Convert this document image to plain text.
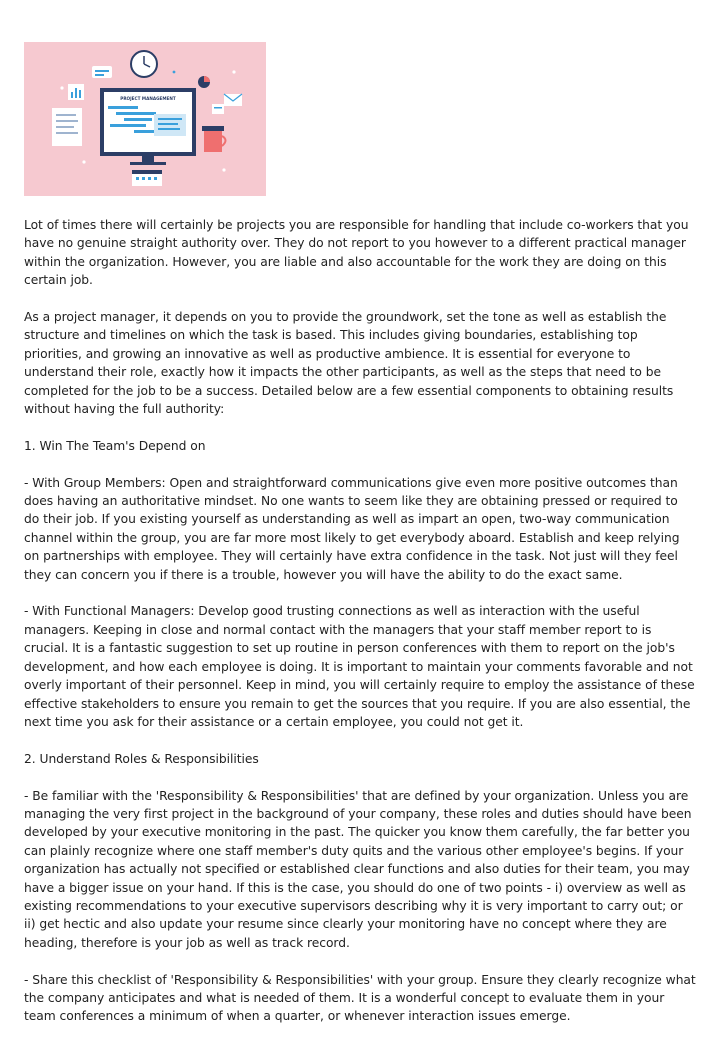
PROJECT MANAGEMENT

Lot of times there will certainly be projects you are responsible for handling that include co-workers that you have no genuine straight authority over. They do not report to you however to a different practical manager within the organization. However, you are liable and also accountable for the work they are doing on this certain job.

As a project manager, it depends on you to provide the groundwork, set the tone as well as establish the structure and timelines on which the task is based. This includes giving boundaries, establishing top priorities, and growing an innovative as well as productive ambience. It is essential for everyone to understand their role, exactly how it impacts the other participants, as well as the steps that need to be completed for the job to be a success. Detailed below are a few essential components to obtaining results without having the full authority:

1. Win The Team's Depend on

- With Group Members: Open and straightforward communications give even more positive outcomes than does having an authoritative mindset. No one wants to seem like they are obtaining pressed or required to do their job. If you existing yourself as understanding as well as impart an open, two-way communication channel within the group, you are far more most likely to get everybody aboard. Establish and keep relying on partnerships with employee. They will certainly have extra confidence in the task. Not just will they feel they can concern you if there is a trouble, however you will have the ability to do the exact same.

- With Functional Managers: Develop good trusting connections as well as interaction with the useful managers. Keeping in close and normal contact with the managers that your staff member report to is crucial. It is a fantastic suggestion to set up routine in person conferences with them to report on the job's development, and how each employee is doing. It is important to maintain your comments favorable and not overly important of their personnel. Keep in mind, you will certainly require to employ the assistance of these effective stakeholders to ensure you remain to get the sources that you require. If you are also essential, the next time you ask for their assistance or a certain employee, you could not get it.

2. Understand Roles & Responsibilities

- Be familiar with the 'Responsibility & Responsibilities' that are defined by your organization. Unless you are managing the very first project in the background of your company, these roles and duties should have been developed by your executive monitoring in the past. The quicker you know them carefully, the far better you can plainly recognize where one staff member's duty quits and the various other employee's begins. If your organization has actually not specified or established clear functions and also duties for their team, you may have a bigger issue on your hand. If this is the case, you should do one of two points - i) overview as well as existing recommendations to your executive supervisors describing why it is very important to carry out; or ii) get hectic and also update your resume since clearly your monitoring have no concept where they are heading, therefore is your job as well as track record.

- Share this checklist of 'Responsibility & Responsibilities' with your group. Ensure they clearly recognize what the company anticipates and what is needed of them. It is a wonderful concept to evaluate them in your team conferences a minimum of when a quarter, or whenever interaction issues emerge.
